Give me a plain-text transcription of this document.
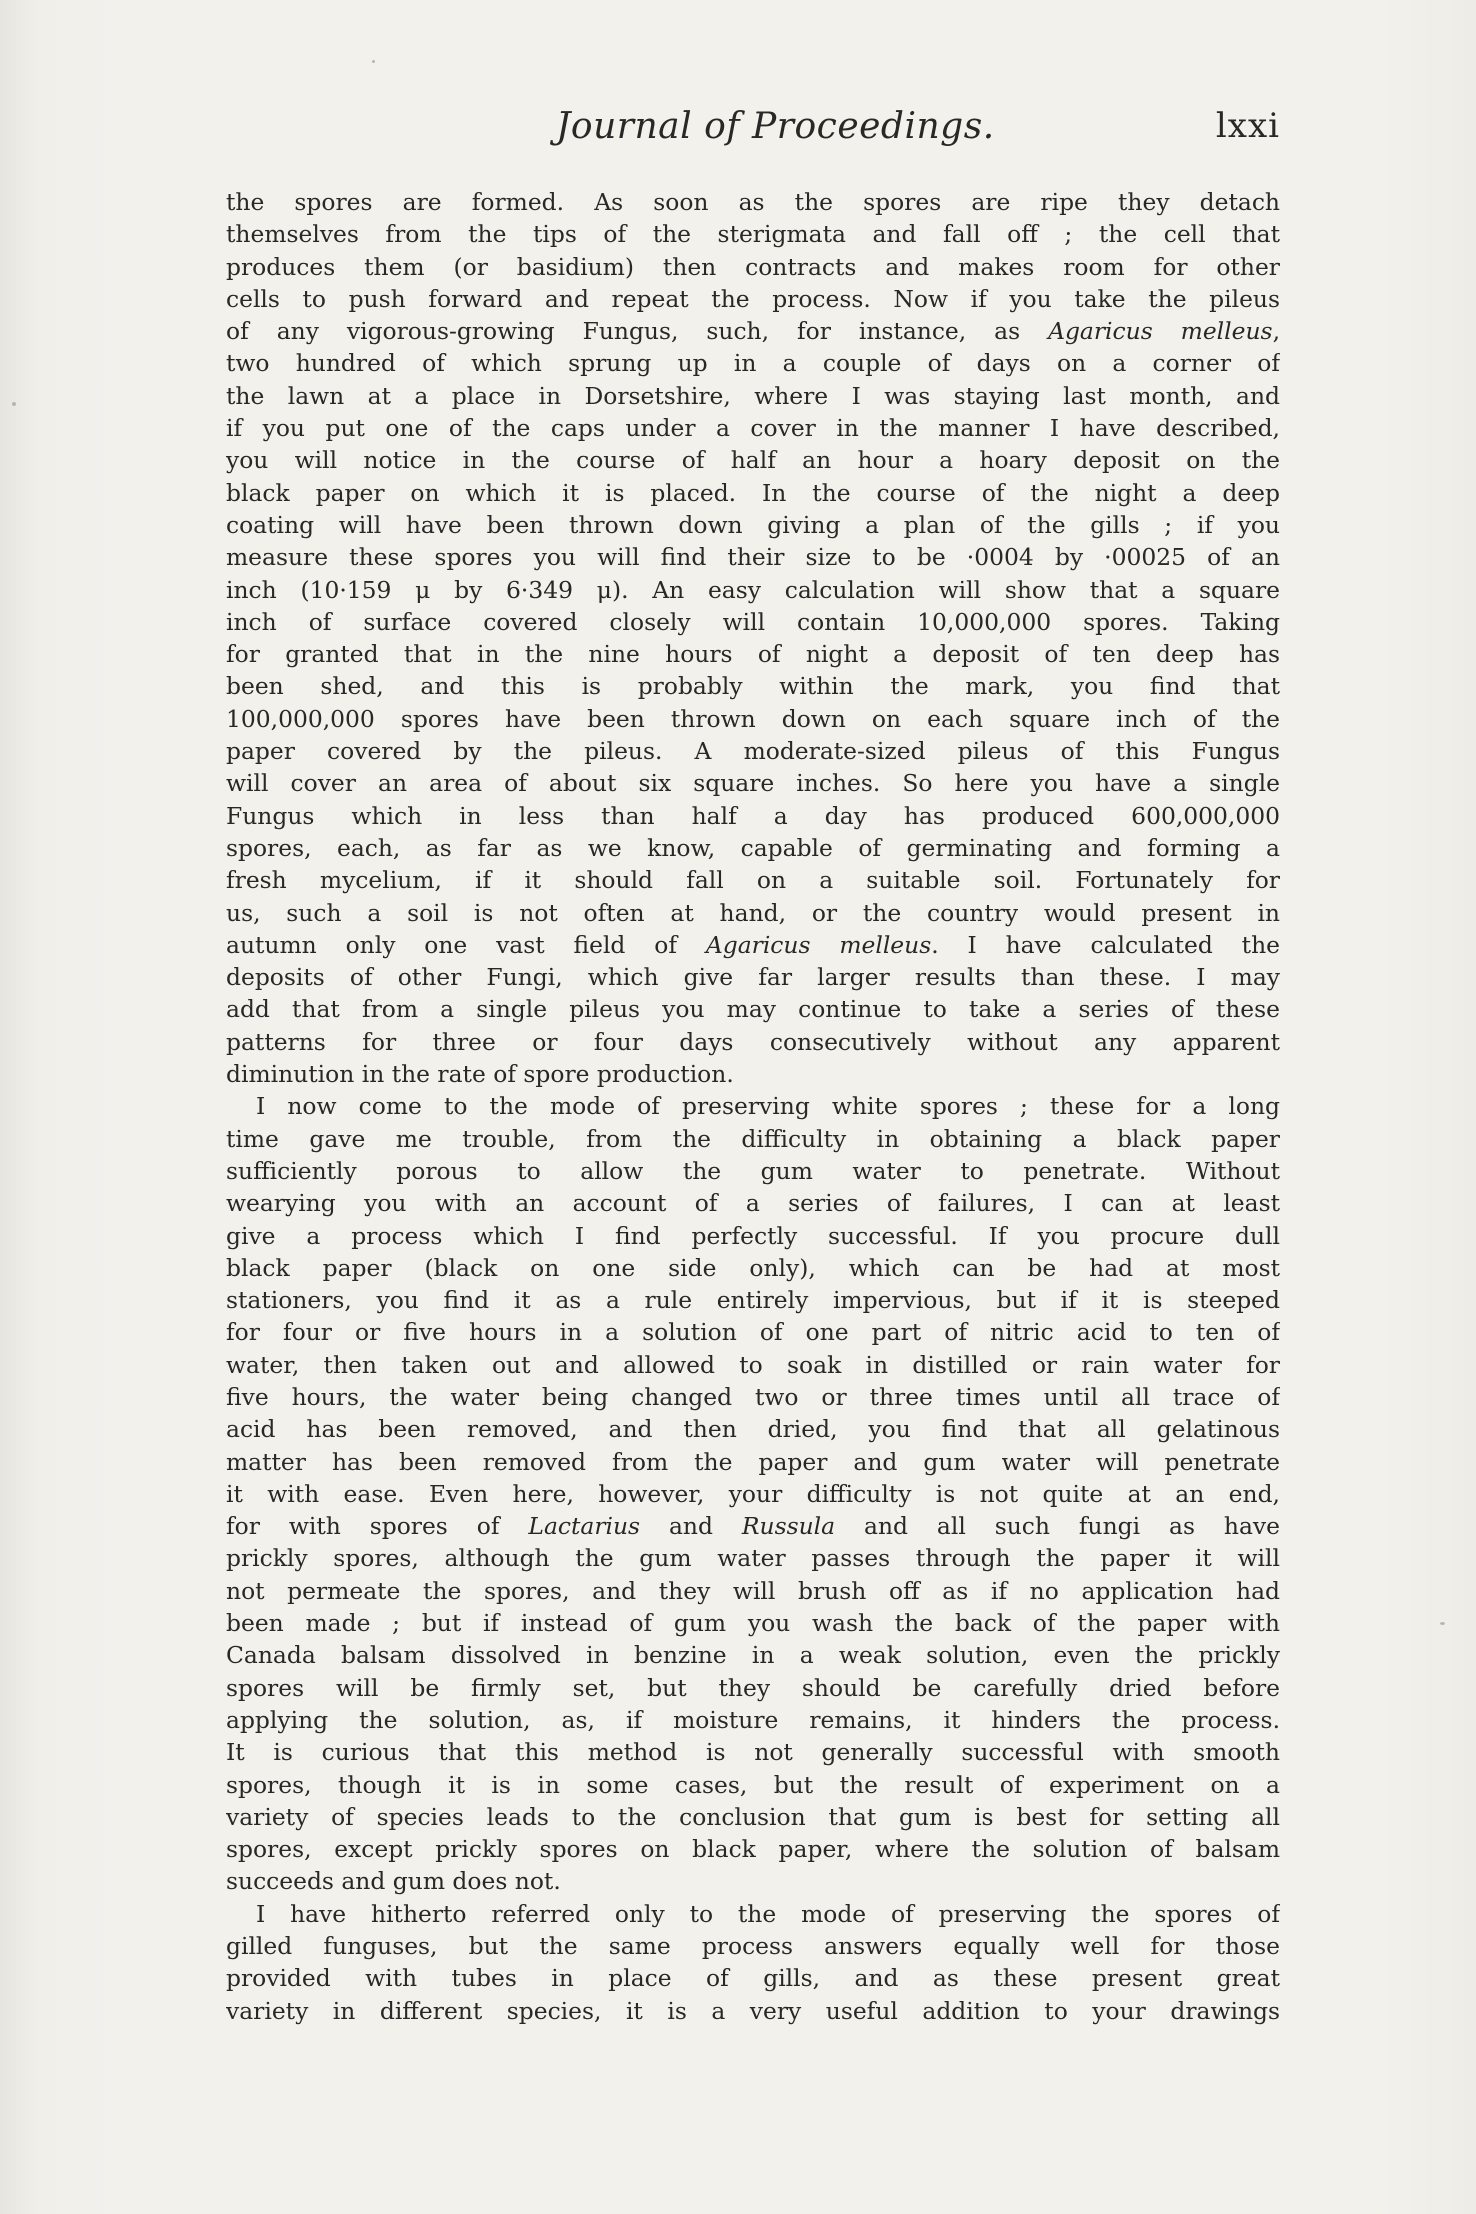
Journal of Proceedings.	lxxi
the spores are formed. As soon as the spores are ripe they detach
themselves from the tips of the sterigmata and fall off ; the cell that
produces them (or basidium) then contracts and makes room for other
cells to push forward and repeat the process. Now if you take the pileus
of any vigorous-growing Fungus, such, for instance, as Agaricus melleus,
two hundred of which sprung up in a couple of days on a corner of
the lawn at a place in Dorsetshire, where I was staying last month, and
if you put one of the caps under a cover in the manner I have described,
you will notice in the course of half an hour a hoary deposit on the
black paper on which it is placed. In the course of the night a deep
coating will have been thrown down giving a plan of the gills ; if you
measure these spores you will find their size to be ·0004 by ·00025 of an
inch (10·159 μ by 6·349 μ). An easy calculation will show that a square
inch of surface covered closely will contain 10,000,000 spores. Taking
for granted that in the nine hours of night a deposit of ten deep has
been shed, and this is probably within the mark, you find that
100,000,000 spores have been thrown down on each square inch of the
paper covered by the pileus. A moderate-sized pileus of this Fungus
will cover an area of about six square inches. So here you have a single
Fungus which in less than half a day has produced 600,000,000
spores, each, as far as we know, capable of germinating and forming a
fresh mycelium, if it should fall on a suitable soil. Fortunately for
us, such a soil is not often at hand, or the country would present in
autumn only one vast field of Agaricus melleus. I have calculated the
deposits of other Fungi, which give far larger results than these. I may
add that from a single pileus you may continue to take a series of these
patterns for three or four days consecutively without any apparent
diminution in the rate of spore production.
I now come to the mode of preserving white spores ; these for a long
time gave me trouble, from the difficulty in obtaining a black paper
sufficiently porous to allow the gum water to penetrate. Without
wearying you with an account of a series of failures, I can at least
give a process which I find perfectly successful. If you procure dull
black paper (black on one side only), which can be had at most
stationers, you find it as a rule entirely impervious, but if it is steeped
for four or five hours in a solution of one part of nitric acid to ten of
water, then taken out and allowed to soak in distilled or rain water for
five hours, the water being changed two or three times until all trace of
acid has been removed, and then dried, you find that all gelatinous
matter has been removed from the paper and gum water will penetrate
it with ease. Even here, however, your difficulty is not quite at an end,
for with spores of Lactarius and Russula and all such fungi as have
prickly spores, although the gum water passes through the paper it will
not permeate the spores, and they will brush off as if no application had
been made ; but if instead of gum you wash the back of the paper with
Canada balsam dissolved in benzine in a weak solution, even the prickly
spores will be firmly set, but they should be carefully dried before
applying the solution, as, if moisture remains, it hinders the process.
It is curious that this method is not generally successful with smooth
spores, though it is in some cases, but the result of experiment on a
variety of species leads to the conclusion that gum is best for setting all
spores, except prickly spores on black paper, where the solution of balsam
succeeds and gum does not.
I have hitherto referred only to the mode of preserving the spores of
gilled funguses, but the same process answers equally well for those
provided with tubes in place of gills, and as these present great
variety in different species, it is a very useful addition to your drawings
